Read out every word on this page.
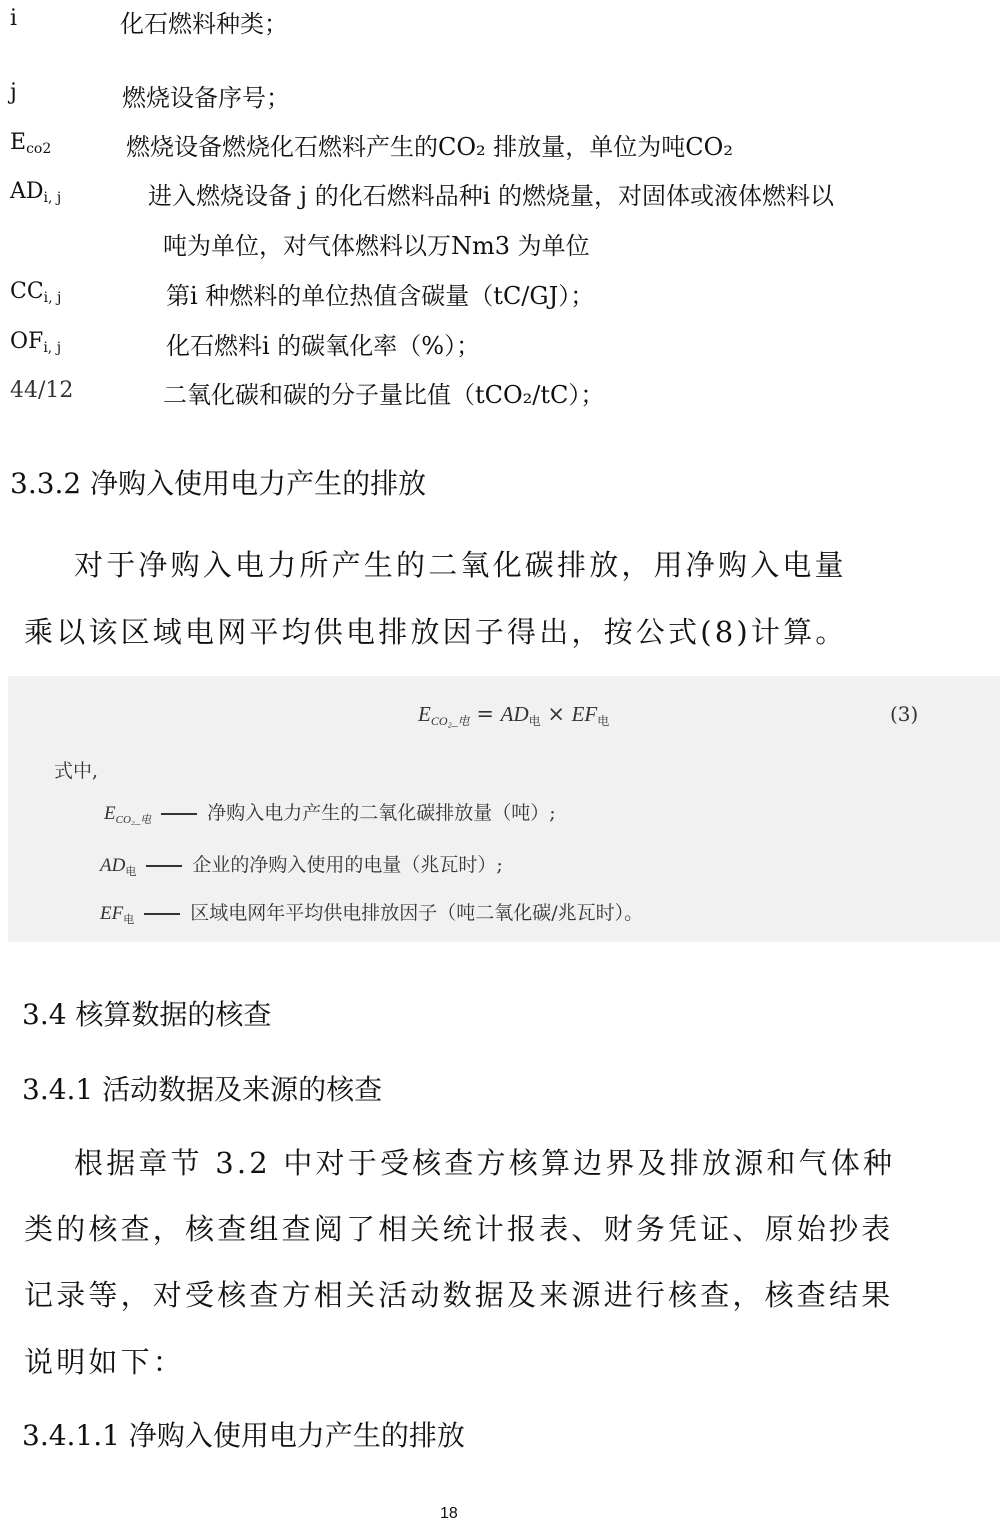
i	化石燃料种类；
j	燃烧设备序号；
$E_{co2}$	燃烧设备燃烧化石燃料产生的CO₂ 排放量，单位为吨CO₂
$AD_{i, j}$	进入燃烧设备 j 的化石燃料品种i 的燃烧量，对固体或液体燃料以
吨为单位，对气体燃料以万Nm3 为单位
$CC_{i, j}$	第i 种燃料的单位热值含碳量（tC/GJ）；
$OF_{i, j}$	化石燃料i 的碳氧化率（%）；
44/12	二氧化碳和碳的分子量比值（tCO₂/tC）；
3.3.2 净购入使用电力产生的排放
对于净购入电力所产生的二氧化碳排放，用净购入电量
乘以该区域电网平均供电排放因子得出，按公式(8)计算。
$E_{CO_2\_电} = AD_电 \times EF_电$	(3)
式中,
$E_{CO_2\_电}$	净购入电力产生的二氧化碳排放量（吨）;
$AD_电$	企业的净购入使用的电量（兆瓦时）;
$EF_电$	区域电网年平均供电排放因子（吨二氧化碳/兆瓦时）。
3.4 核算数据的核查
3.4.1 活动数据及来源的核查
根据章节 3.2 中对于受核查方核算边界及排放源和气体种
类的核查，核查组查阅了相关统计报表、财务凭证、原始抄表
记录等，对受核查方相关活动数据及来源进行核查，核查结果
说明如下：
3.4.1.1 净购入使用电力产生的排放
18
